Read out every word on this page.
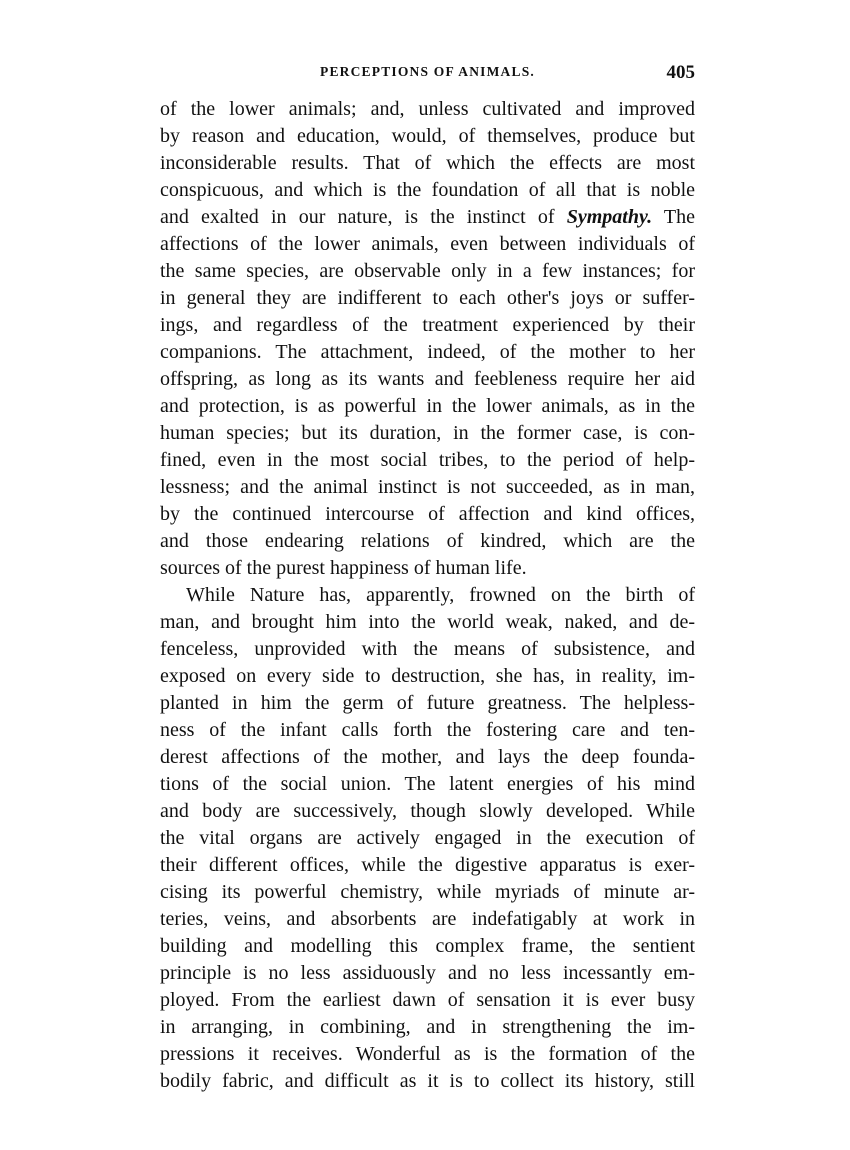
PERCEPTIONS OF ANIMALS.	405
of the lower animals; and, unless cultivated and improved
by reason and education, would, of themselves, produce but
inconsiderable results. That of which the effects are most
conspicuous, and which is the foundation of all that is noble
and exalted in our nature, is the instinct of Sympathy. The
affections of the lower animals, even between individuals of
the same species, are observable only in a few instances; for
in general they are indifferent to each other's joys or suffer-
ings, and regardless of the treatment experienced by their
companions. The attachment, indeed, of the mother to her
offspring, as long as its wants and feebleness require her aid
and protection, is as powerful in the lower animals, as in the
human species; but its duration, in the former case, is con-
fined, even in the most social tribes, to the period of help-
lessness; and the animal instinct is not succeeded, as in man,
by the continued intercourse of affection and kind offices,
and those endearing relations of kindred, which are the
sources of the purest happiness of human life.
While Nature has, apparently, frowned on the birth of
man, and brought him into the world weak, naked, and de-
fenceless, unprovided with the means of subsistence, and
exposed on every side to destruction, she has, in reality, im-
planted in him the germ of future greatness. The helpless-
ness of the infant calls forth the fostering care and ten-
derest affections of the mother, and lays the deep founda-
tions of the social union. The latent energies of his mind
and body are successively, though slowly developed. While
the vital organs are actively engaged in the execution of
their different offices, while the digestive apparatus is exer-
cising its powerful chemistry, while myriads of minute ar-
teries, veins, and absorbents are indefatigably at work in
building and modelling this complex frame, the sentient
principle is no less assiduously and no less incessantly em-
ployed. From the earliest dawn of sensation it is ever busy
in arranging, in combining, and in strengthening the im-
pressions it receives. Wonderful as is the formation of the
bodily fabric, and difficult as it is to collect its history, still
